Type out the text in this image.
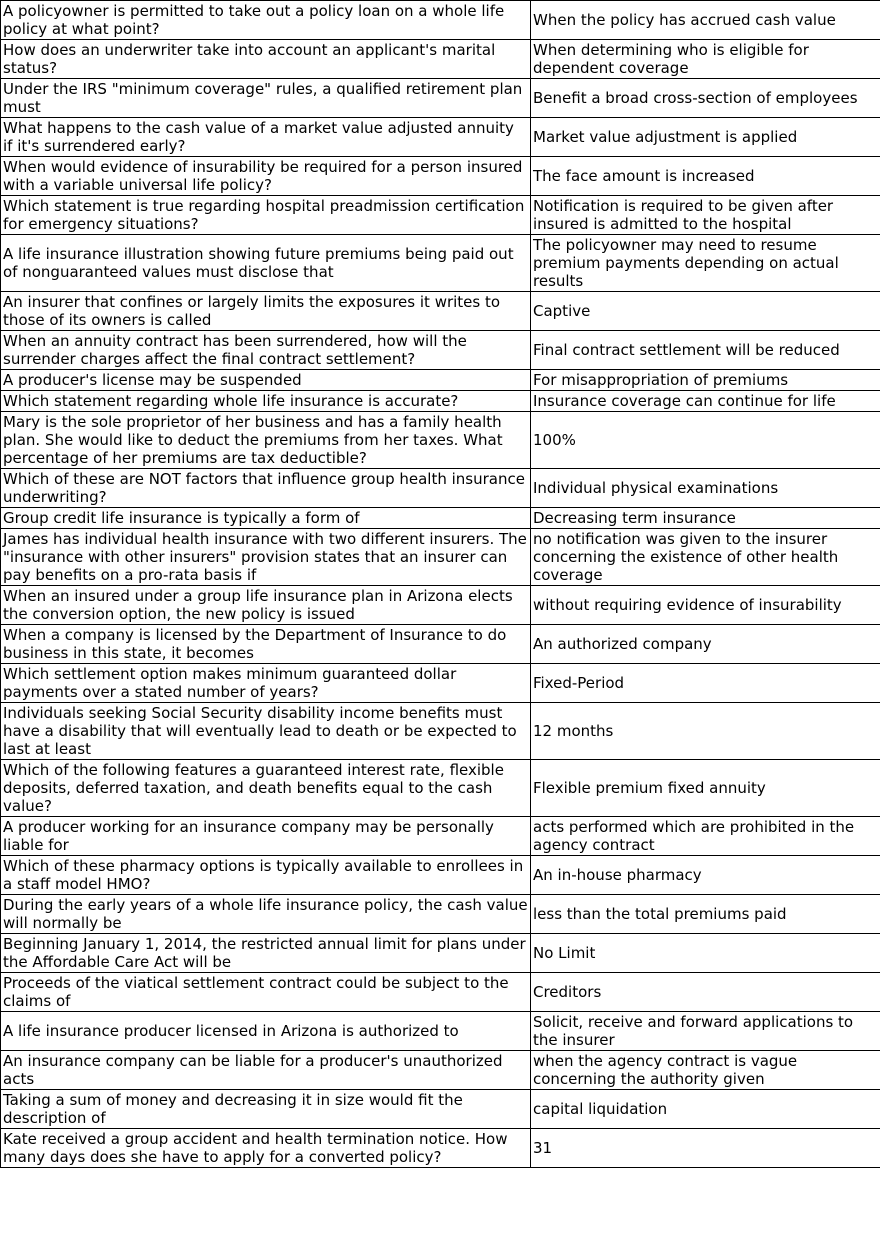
A policyowner is permitted to take out a policy loan on a whole life policy at what point?	When the policy has accrued cash value
How does an underwriter take into account an applicant's marital status?	When determining who is eligible for dependent coverage
Under the IRS "minimum coverage" rules, a qualified retirement plan must	Benefit a broad cross-section of employees
What happens to the cash value of a market value adjusted annuity if it's surrendered early?	Market value adjustment is applied
When would evidence of insurability be required for a person insured with a variable universal life policy?	The face amount is increased
Which statement is true regarding hospital preadmission certification for emergency situations?	Notification is required to be given after insured is admitted to the hospital
A life insurance illustration showing future premiums being paid out of nonguaranteed values must disclose that	The policyowner may need to resume premium payments depending on actual results
An insurer that confines or largely limits the exposures it writes to those of its owners is called	Captive
When an annuity contract has been surrendered, how will the surrender charges affect the final contract settlement?	Final contract settlement will be reduced
A producer's license may be suspended	For misappropriation of premiums
Which statement regarding whole life insurance is accurate?	Insurance coverage can continue for life
Mary is the sole proprietor of her business and has a family health plan. She would like to deduct the premiums from her taxes. What percentage of her premiums are tax deductible?	100%
Which of these are NOT factors that influence group health insurance underwriting?	Individual physical examinations
Group credit life insurance is typically a form of	Decreasing term insurance
James has individual health insurance with two different insurers. The "insurance with other insurers" provision states that an insurer can pay benefits on a pro-rata basis if	no notification was given to the insurer concerning the existence of other health coverage
When an insured under a group life insurance plan in Arizona elects the conversion option, the new policy is issued	without requiring evidence of insurability
When a company is licensed by the Department of Insurance to do business in this state, it becomes	An authorized company
Which settlement option makes minimum guaranteed dollar payments over a stated number of years?	Fixed-Period
Individuals seeking Social Security disability income benefits must have a disability that will eventually lead to death or be expected to last at least	12 months
Which of the following features a guaranteed interest rate, flexible deposits, deferred taxation, and death benefits equal to the cash value?	Flexible premium fixed annuity
A producer working for an insurance company may be personally liable for	acts performed which are prohibited in the agency contract
Which of these pharmacy options is typically available to enrollees in a staff model HMO?	An in-house pharmacy
During the early years of a whole life insurance policy, the cash value will normally be	less than the total premiums paid
Beginning January 1, 2014, the restricted annual limit for plans under the Affordable Care Act will be	No Limit
Proceeds of the viatical settlement contract could be subject to the claims of	Creditors
A life insurance producer licensed in Arizona is authorized to	Solicit, receive and forward applications to the insurer
An insurance company can be liable for a producer's unauthorized acts	when the agency contract is vague concerning the authority given
Taking a sum of money and decreasing it in size would fit the description of	capital liquidation
Kate received a group accident and health termination notice. How many days does she have to apply for a converted policy?	31
